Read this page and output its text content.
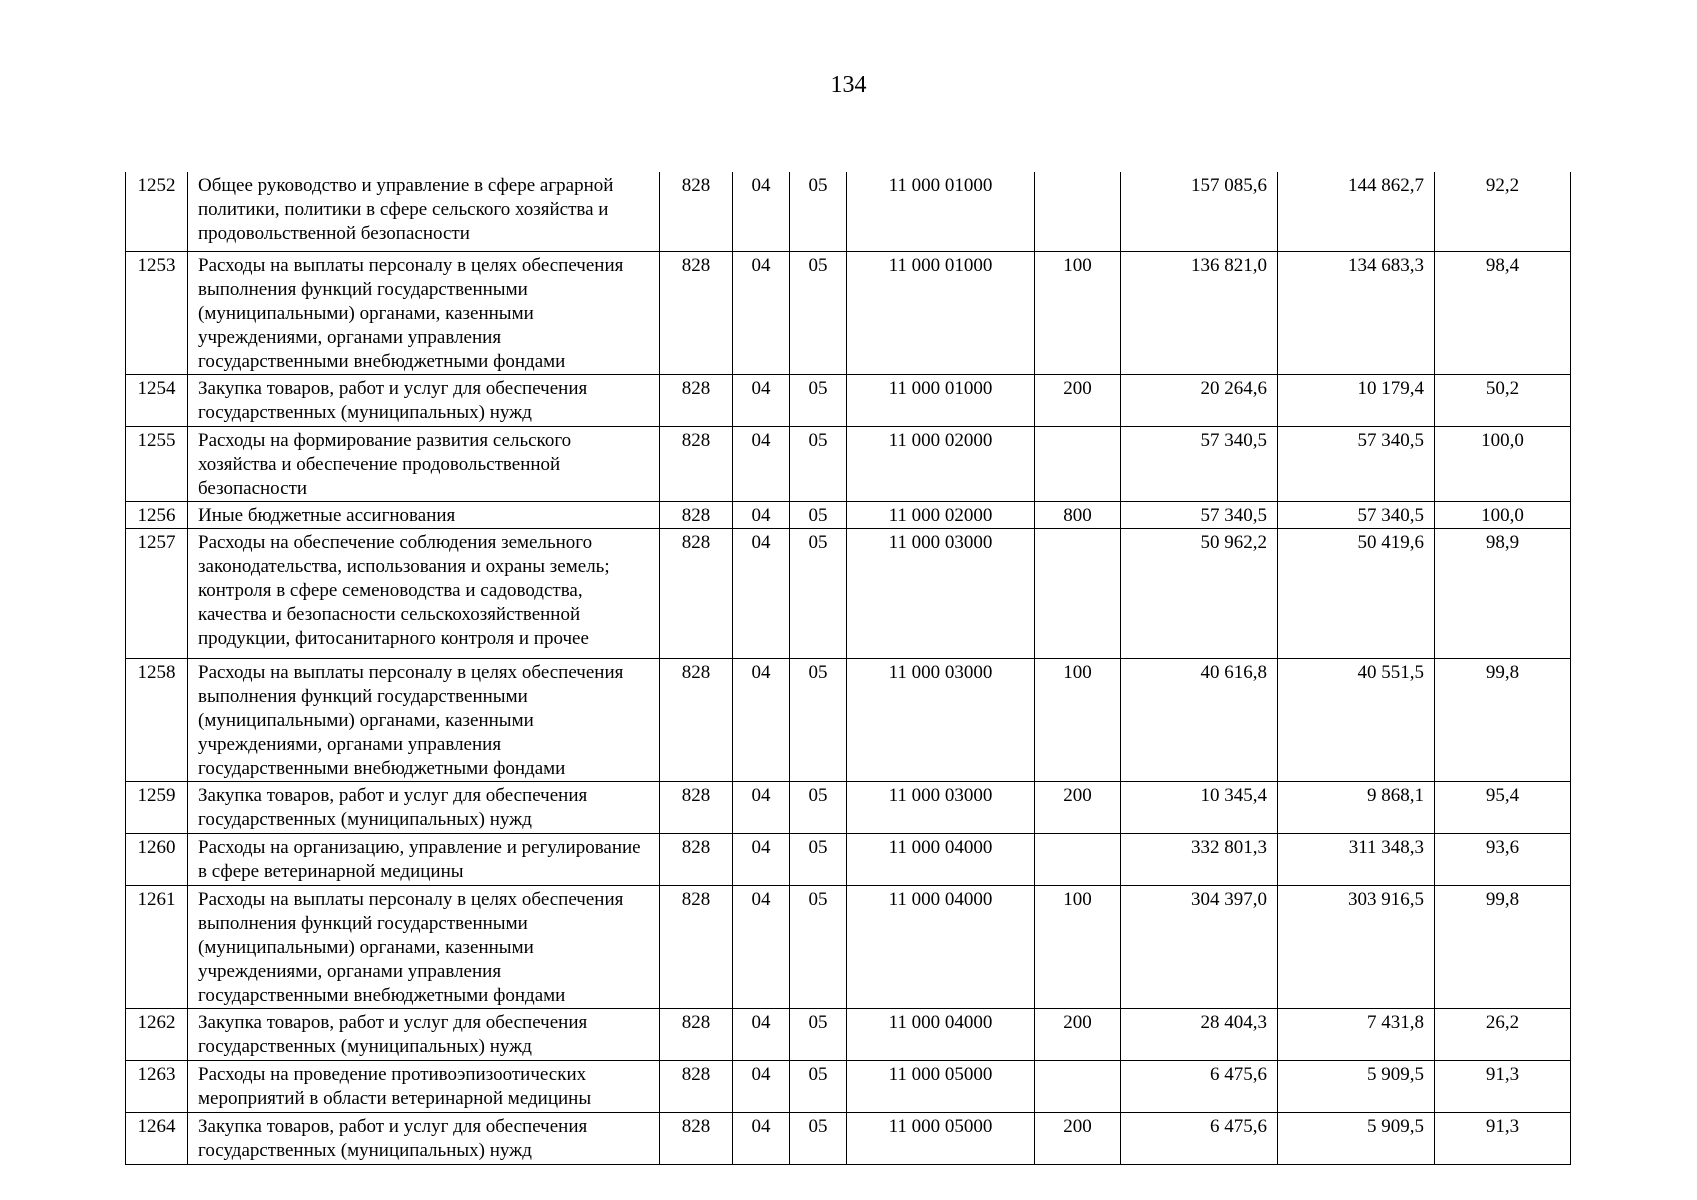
134
1252	Общее руководство и управление в сфере аграрной политики, политики в сфере сельского хозяйства и продовольственной безопасности	828	04	05	11 000 01000		157 085,6	144 862,7	92,2
1253	Расходы на выплаты персоналу в целях обеспечения выполнения функций государственными (муниципальными) органами, казенными учреждениями, органами управления государственными внебюджетными фондами	828	04	05	11 000 01000	100	136 821,0	134 683,3	98,4
1254	Закупка товаров, работ и услуг для обеспечения государственных (муниципальных) нужд	828	04	05	11 000 01000	200	20 264,6	10 179,4	50,2
1255	Расходы на формирование развития сельского хозяйства и обеспечение продовольственной безопасности	828	04	05	11 000 02000		57 340,5	57 340,5	100,0
1256	Иные бюджетные ассигнования	828	04	05	11 000 02000	800	57 340,5	57 340,5	100,0
1257	Расходы на обеспечение соблюдения земельного законодательства, использования и охраны земель; контроля в сфере семеноводства и садоводства, качества и безопасности сельскохозяйственной продукции, фитосанитарного контроля и прочее	828	04	05	11 000 03000		50 962,2	50 419,6	98,9
1258	Расходы на выплаты персоналу в целях обеспечения выполнения функций государственными (муниципальными) органами, казенными учреждениями, органами управления государственными внебюджетными фондами	828	04	05	11 000 03000	100	40 616,8	40 551,5	99,8
1259	Закупка товаров, работ и услуг для обеспечения государственных (муниципальных) нужд	828	04	05	11 000 03000	200	10 345,4	9 868,1	95,4
1260	Расходы на организацию, управление и регулирование в сфере ветеринарной медицины	828	04	05	11 000 04000		332 801,3	311 348,3	93,6
1261	Расходы на выплаты персоналу в целях обеспечения выполнения функций государственными (муниципальными) органами, казенными учреждениями, органами управления государственными внебюджетными фондами	828	04	05	11 000 04000	100	304 397,0	303 916,5	99,8
1262	Закупка товаров, работ и услуг для обеспечения государственных (муниципальных) нужд	828	04	05	11 000 04000	200	28 404,3	7 431,8	26,2
1263	Расходы на проведение противоэпизоотических мероприятий в области ветеринарной медицины	828	04	05	11 000 05000		6 475,6	5 909,5	91,3
1264	Закупка товаров, работ и услуг для обеспечения государственных (муниципальных) нужд	828	04	05	11 000 05000	200	6 475,6	5 909,5	91,3
